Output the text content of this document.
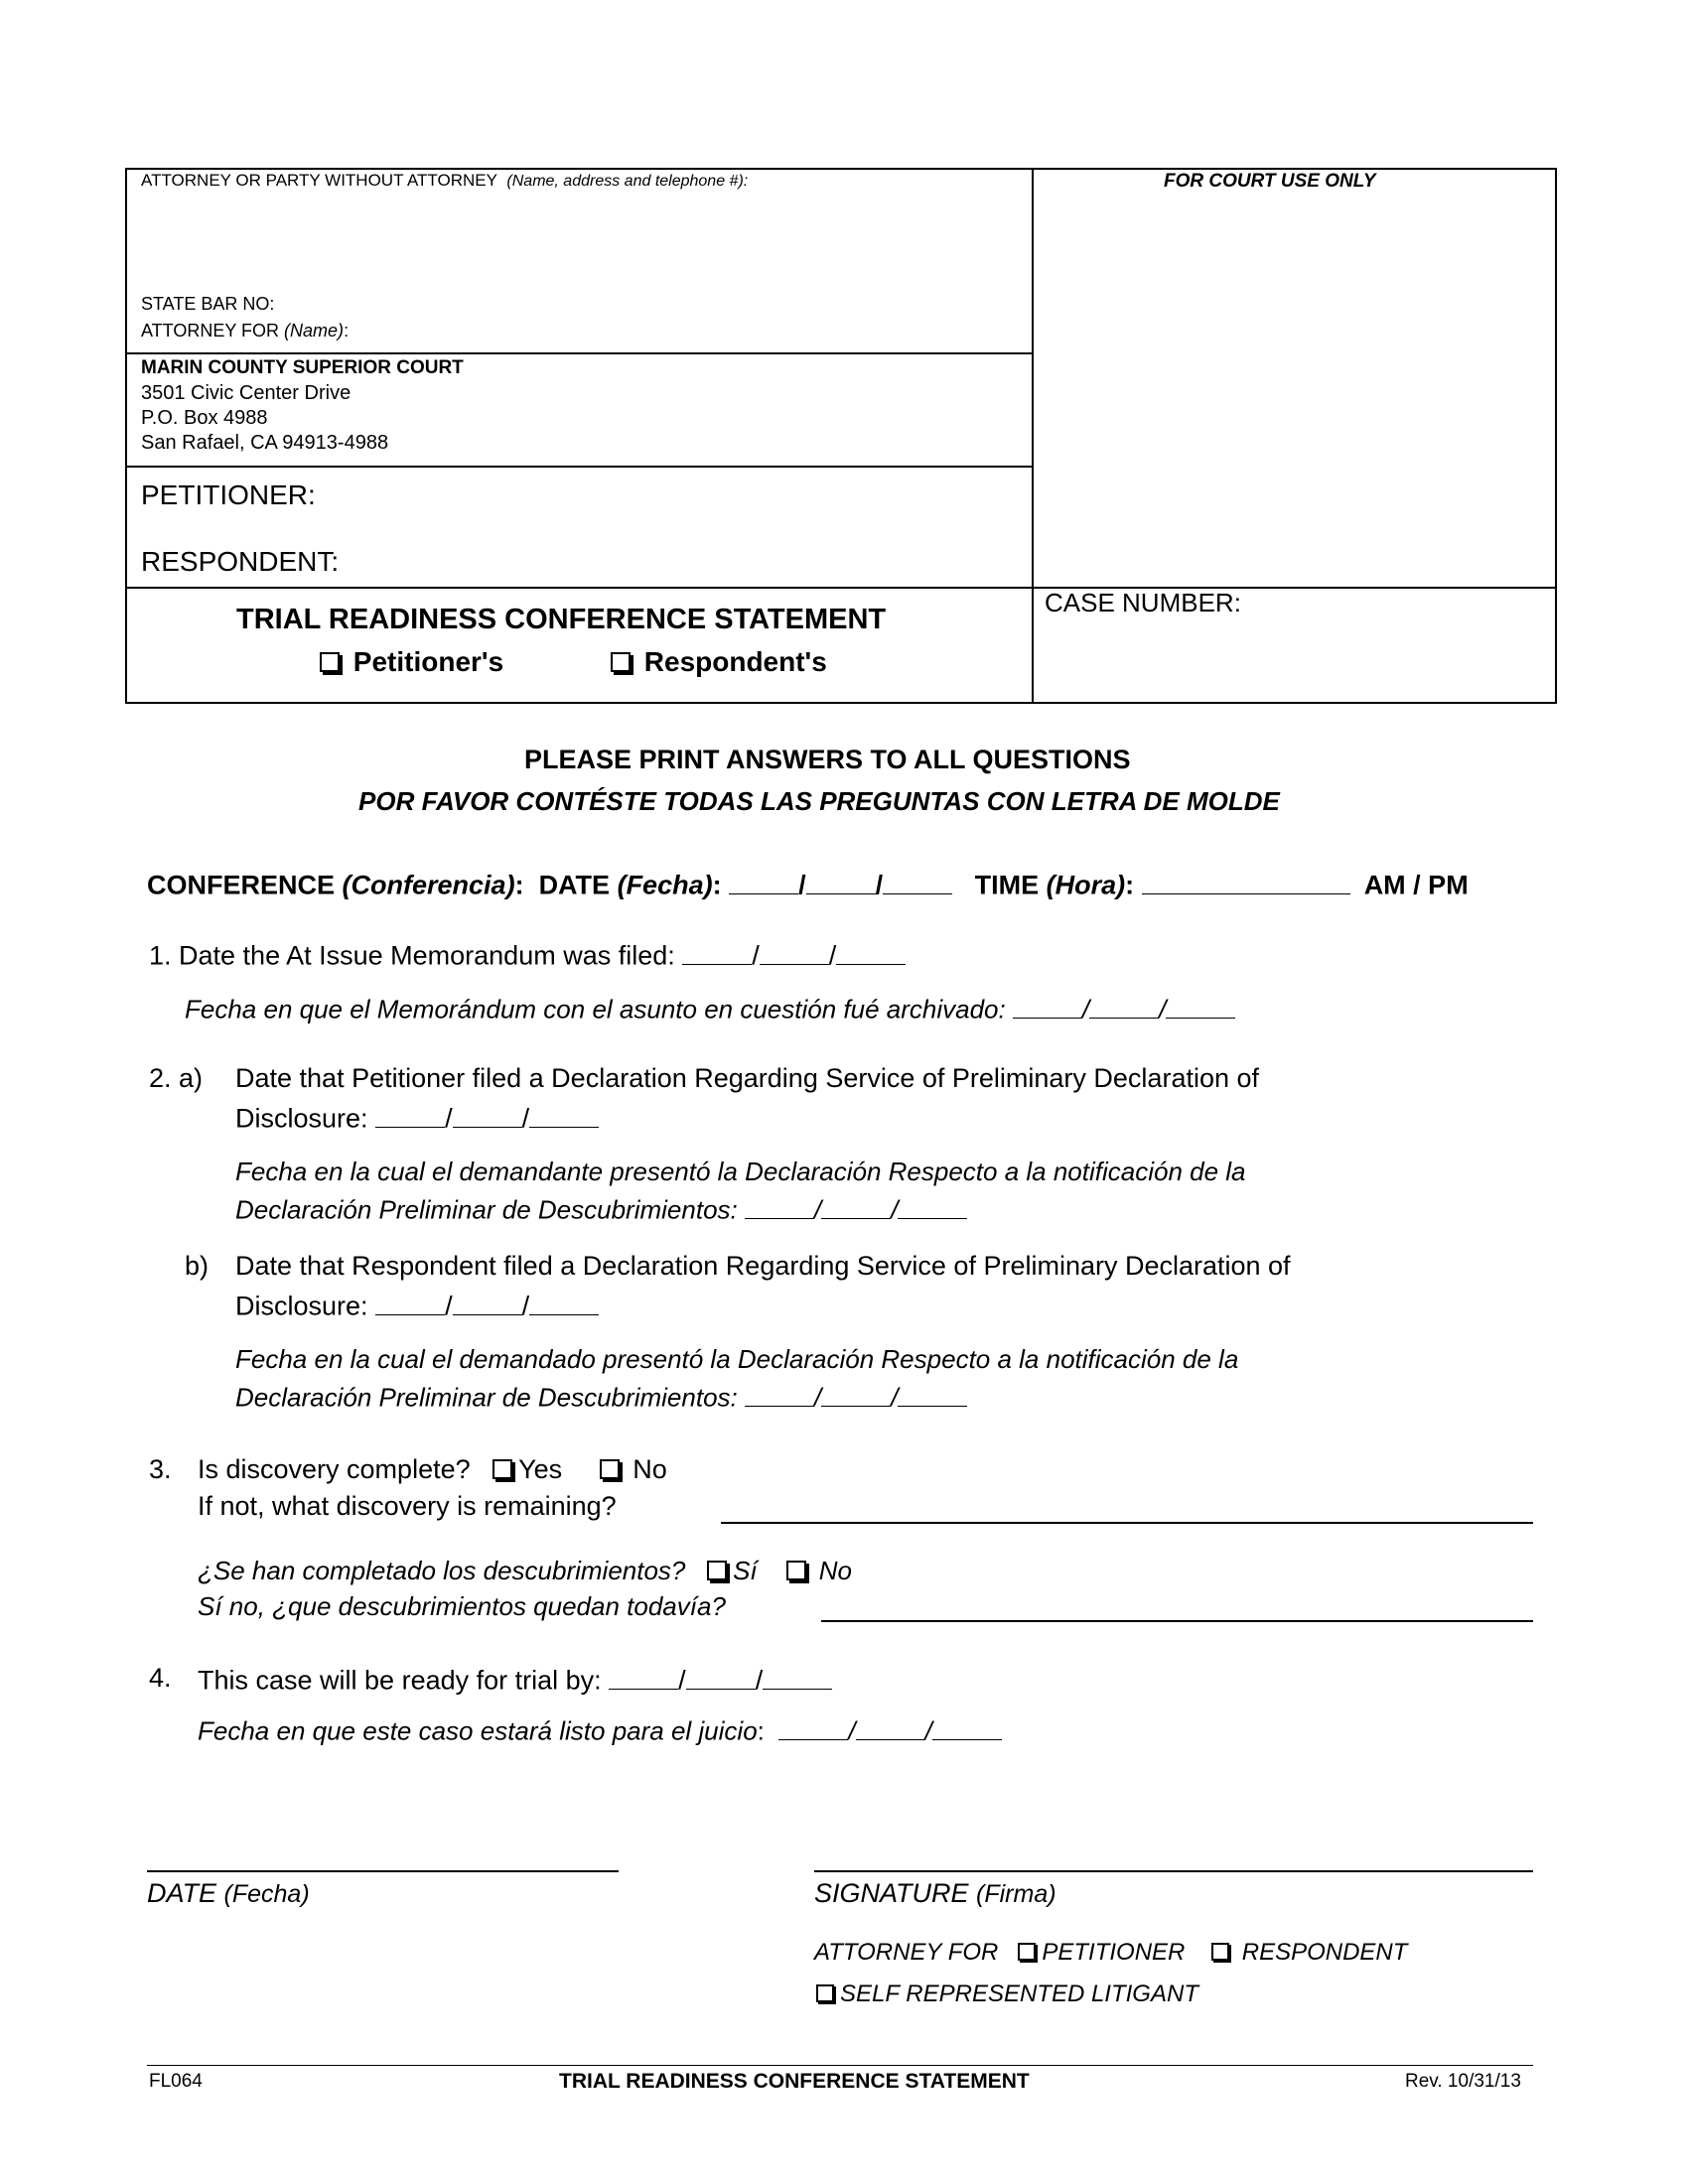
ATTORNEY OR PARTY WITHOUT ATTORNEY (Name, address and telephone #):
STATE BAR NO:
ATTORNEY FOR (Name):
FOR COURT USE ONLY
MARIN COUNTY SUPERIOR COURT
3501 Civic Center Drive
P.O. Box 4988
San Rafael, CA 94913-4988
PETITIONER:
RESPONDENT:
TRIAL READINESS CONFERENCE STATEMENT
Petitioner's	Respondent's
CASE NUMBER:
PLEASE PRINT ANSWERS TO ALL QUESTIONS
POR FAVOR CONTÉSTE TODAS LAS PREGUNTAS CON LETRA DE MOLDE
CONFERENCE (Conferencia):  DATE (Fecha):	/	/	TIME (Hora):	AM / PM
1. Date the At Issue Memorandum was filed:	/	/
Fecha en que el Memorándum con el asunto en cuestión fué archivado:	/	/
2. a) Date that Petitioner filed a Declaration Regarding Service of Preliminary Declaration of
Disclosure:	/	/
Fecha en la cual el demandante presentó la Declaración Respecto a la notificación de la
Declaración Preliminar de Descubrimientos:	/	/
b) Date that Respondent filed a Declaration Regarding Service of Preliminary Declaration of
Disclosure:	/	/
Fecha en la cual el demandado presentó la Declaración Respecto a la notificación de la
Declaración Preliminar de Descubrimientos:	/	/
3. Is discovery complete? Yes	No
If not, what discovery is remaining?
¿Se han completado los descubrimientos? Sí No
Sí no, ¿que descubrimientos quedan todavía?
4. This case will be ready for trial by:	/	/
Fecha en que este caso estará listo para el juicio:	/	/
DATE (Fecha)	SIGNATURE (Firma)
ATTORNEY FOR PETITIONER RESPONDENT
SELF REPRESENTED LITIGANT
FL064	TRIAL READINESS CONFERENCE STATEMENT	Rev. 10/31/13
